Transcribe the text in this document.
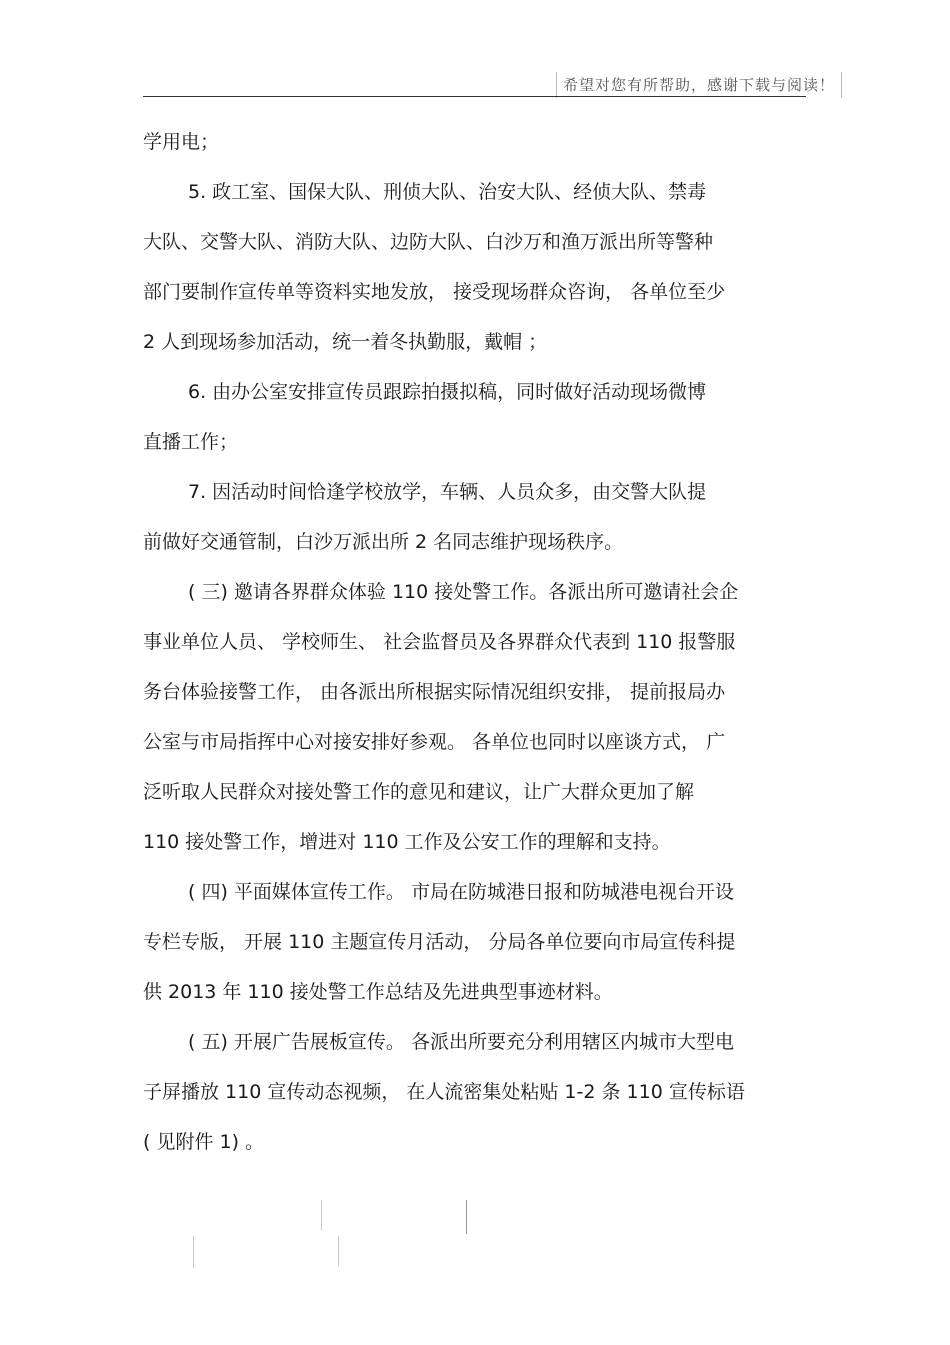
希望对您有所帮助，感谢下载与阅读！
学用电；
5. 政工室、国保大队、刑侦大队、治安大队、经侦大队、禁毒
大队、交警大队、消防大队、边防大队、白沙万和渔万派出所等警种
部门要制作宣传单等资料实地发放， 接受现场群众咨询， 各单位至少
2 人到现场参加活动，统一着冬执勤服，戴帽 ；
6. 由办公室安排宣传员跟踪拍摄拟稿，同时做好活动现场微博
直播工作；
7. 因活动时间恰逢学校放学，车辆、人员众多，由交警大队提
前做好交通管制，白沙万派出所 2 名同志维护现场秩序。
( 三) 邀请各界群众体验 110 接处警工作。各派出所可邀请社会企
事业单位人员、 学校师生、 社会监督员及各界群众代表到 110 报警服
务台体验接警工作， 由各派出所根据实际情况组织安排， 提前报局办
公室与市局指挥中心对接安排好参观。 各单位也同时以座谈方式， 广
泛听取人民群众对接处警工作的意见和建议，让广大群众更加了解
110 接处警工作，增进对 110 工作及公安工作的理解和支持。
( 四) 平面媒体宣传工作。 市局在防城港日报和防城港电视台开设
专栏专版， 开展 110 主题宣传月活动， 分局各单位要向市局宣传科提
供 2013 年 110 接处警工作总结及先进典型事迹材料。
( 五) 开展广告展板宣传。 各派出所要充分利用辖区内城市大型电
子屏播放 110 宣传动态视频， 在人流密集处粘贴 1-2 条 110 宣传标语
( 见附件 1) 。
